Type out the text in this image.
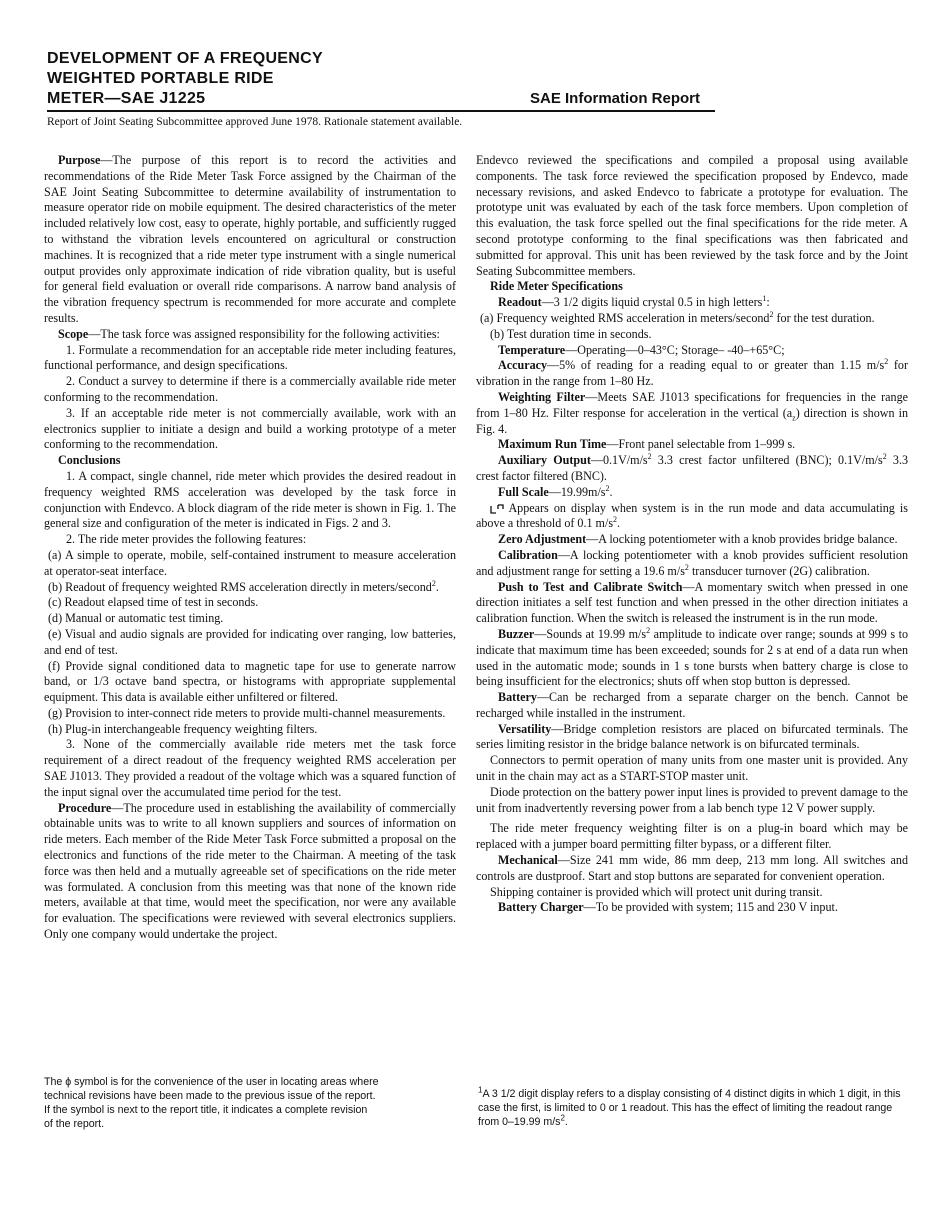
DEVELOPMENT OF A FREQUENCY
WEIGHTED PORTABLE RIDE
METER—SAE J1225	SAE Information Report
Report of Joint Seating Subcommittee approved June 1978. Rationale statement available.

Purpose—The purpose of this report is to record the activities and recommendations of the Ride Meter Task Force assigned by the Chairman of the SAE Joint Seating Subcommittee to determine availability of instrumentation to measure operator ride on mobile equipment. The desired characteristics of the meter included relatively low cost, easy to operate, highly portable, and sufficiently rugged to withstand the vibration levels encountered on agricultural or construction machines. It is recognized that a ride meter type instrument with a single numerical output provides only approximate indication of ride vibration quality, but is useful for general field evaluation or overall ride comparisons. A narrow band analysis of the vibration frequency spectrum is recommended for more accurate and complete results.

Scope—The task force was assigned responsibility for the following activities:

1. Formulate a recommendation for an acceptable ride meter including features, functional performance, and design specifications.

2. Conduct a survey to determine if there is a commercially available ride meter conforming to the recommendation.

3. If an acceptable ride meter is not commercially available, work with an electronics supplier to initiate a design and build a working prototype of a meter conforming to the recommendation.

Conclusions

1. A compact, single channel, ride meter which provides the desired readout in frequency weighted RMS acceleration was developed by the task force in conjunction with Endevco. A block diagram of the ride meter is shown in Fig. 1. The general size and configuration of the meter is indicated in Figs. 2 and 3.

2. The ride meter provides the following features:

(a) A simple to operate, mobile, self-contained instrument to measure acceleration at operator-seat interface.

(b) Readout of frequency weighted RMS acceleration directly in meters/second$^2$.

(c) Readout elapsed time of test in seconds.

(d) Manual or automatic test timing.

(e) Visual and audio signals are provided for indicating over ranging, low batteries, and end of test.

(f) Provide signal conditioned data to magnetic tape for use to generate narrow band, or 1/3 octave band spectra, or histograms with appropriate supplemental equipment. This data is available either unfiltered or filtered.

(g) Provision to inter-connect ride meters to provide multi-channel measurements.

(h) Plug-in interchangeable frequency weighting filters.

3. None of the commercially available ride meters met the task force requirement of a direct readout of the frequency weighted RMS acceleration per SAE J1013. They provided a readout of the voltage which was a squared function of the input signal over the accumulated time period for the test.

Procedure—The procedure used in establishing the availability of commercially obtainable units was to write to all known suppliers and sources of information on ride meters. Each member of the Ride Meter Task Force submitted a proposal on the electronics and functions of the ride meter to the Chairman. A meeting of the task force was then held and a mutually agreeable set of specifications on the ride meter was formulated. A conclusion from this meeting was that none of the known ride meters, available at that time, would meet the specification, nor were any available for evaluation. The specifications were reviewed with several electronics suppliers. Only one company would undertake the project.

The ϕ symbol is for the convenience of the user in locating areas where

technical revisions have been made to the previous issue of the report.

If the symbol is next to the report title, it indicates a complete revision

of the report.

Endevco reviewed the specifications and compiled a proposal using available components. The task force reviewed the specification proposed by Endevco, made necessary revisions, and asked Endevco to fabricate a prototype for evaluation. The prototype unit was evaluated by each of the task force members. Upon completion of this evaluation, the task force spelled out the final specifications for the ride meter. A second prototype conforming to the final specifications was then fabricated and submitted for approval. This unit has been reviewed by the task force and by the Joint Seating Subcommittee members.

Ride Meter Specifications

Readout—3 1/2 digits liquid crystal 0.5 in high letters$^1$:

(a) Frequency weighted RMS acceleration in meters/second$^2$ for the test duration.

(b) Test duration time in seconds.

Temperature—Operating—0–43°C; Storage– -40–+65°C;

Accuracy—5% of reading for a reading equal to or greater than 1.15 $m/s^2$ for vibration in the range from 1–80 Hz.

Weighting Filter—Meets SAE J1013 specifications for frequencies in the range from 1–80 Hz. Filter response for acceleration in the vertical $(a_z)$ direction is shown in Fig. 4.

Maximum Run Time—Front panel selectable from 1–999 s.

Auxiliary $Output—0.1V/m/s^2$ 3.3 crest factor unfiltered (BNC); $0.1V/m/s^2$ 3.3 crest factor filtered (BNC).

Full $Scale—19.99m/s^2$.

Appears on display when system is in the run mode and data accumulating is above a threshold of 0.1 $m/s^2$.

Zero Adjustment—A locking potentiometer with a knob provides bridge balance.

Calibration—A locking potentiometer with a knob provides sufficient resolution and adjustment range for setting a 19.6 $m/s^2$ transducer turnover (2G) calibration.

Push to Test and Calibrate Switch—A momentary switch when pressed in one direction initiates a self test function and when pressed in the other direction initiates a calibration function. When the switch is released the instrument is in the run mode.

Buzzer—Sounds at 19.99 $m/s^2$ amplitude to indicate over range; sounds at 999 s to indicate that maximum time has been exceeded; sounds for 2 s at end of a data run when used in the automatic mode; sounds in 1 s tone bursts when battery charge is close to being insufficient for the electronics; shuts off when stop button is depressed.

Battery—Can be recharged from a separate charger on the bench. Cannot be recharged while installed in the instrument.

Versatility—Bridge completion resistors are placed on bifurcated terminals. The series limiting resistor in the bridge balance network is on bifurcated terminals.

Connectors to permit operation of many units from one master unit is provided. Any unit in the chain may act as a START-STOP master unit.

Diode protection on the battery power input lines is provided to prevent damage to the unit from inadvertently reversing power from a lab bench type 12 V power supply.

The ride meter frequency weighting filter is on a plug-in board which may be replaced with a jumper board permitting filter bypass, or a different filter.

Mechanical—Size 241 mm wide, 86 mm deep, 213 mm long. All switches and controls are dustproof. Start and stop buttons are separated for convenient operation.

Shipping container is provided which will protect unit during transit.

Battery Charger—To be provided with system; 115 and 230 V input.

$^1$A 3 1/2 digit display refers to a display consisting of 4 distinct digits in which 1 digit, in this case the first, is limited to 0 or 1 readout. This has the effect of limiting the readout range from 0–19.99 $m/s^2$.
